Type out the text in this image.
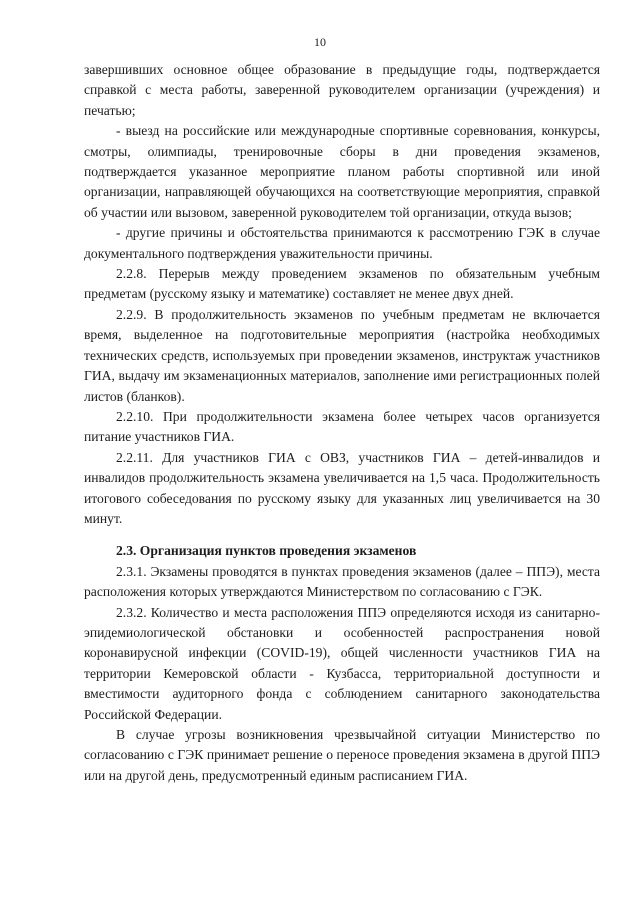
10

завершивших основное общее образование в предыдущие годы, подтверждается справкой с места работы, заверенной руководителем организации (учреждения) и печатью;

- выезд на российские или международные спортивные соревнования, конкурсы, смотры, олимпиады, тренировочные сборы в дни проведения экзаменов, подтверждается указанное мероприятие планом работы спортивной или иной организации, направляющей обучающихся на соответствующие мероприятия, справкой об участии или вызовом, заверенной руководителем той организации, откуда вызов;

- другие причины и обстоятельства принимаются к рассмотрению ГЭК в случае документального подтверждения уважительности причины.

2.2.8. Перерыв между проведением экзаменов по обязательным учебным предметам (русскому языку и математике) составляет не менее двух дней.

2.2.9. В продолжительность экзаменов по учебным предметам не включается время, выделенное на подготовительные мероприятия (настройка необходимых технических средств, используемых при проведении экзаменов, инструктаж участников ГИА, выдачу им экзаменационных материалов, заполнение ими регистрационных полей листов (бланков).

2.2.10. При продолжительности экзамена более четырех часов организуется питание участников ГИА.

2.2.11. Для участников ГИА с ОВЗ, участников ГИА – детей-инвалидов и инвалидов продолжительность экзамена увеличивается на 1,5 часа. Продолжительность итогового собеседования по русскому языку для указанных лиц увеличивается на 30 минут.

2.3. Организация пунктов проведения экзаменов

2.3.1. Экзамены проводятся в пунктах проведения экзаменов (далее – ППЭ), места расположения которых утверждаются Министерством по согласованию с ГЭК.

2.3.2. Количество и места расположения ППЭ определяются исходя из санитарно-эпидемиологической обстановки и особенностей распространения новой коронавирусной инфекции (COVID-19), общей численности участников ГИА на территории Кемеровской области - Кузбасса, территориальной доступности и вместимости аудиторного фонда с соблюдением санитарного законодательства Российской Федерации.

В случае угрозы возникновения чрезвычайной ситуации Министерство по согласованию с ГЭК принимает решение о переносе проведения экзамена в другой ППЭ или на другой день, предусмотренный единым расписанием ГИА.
